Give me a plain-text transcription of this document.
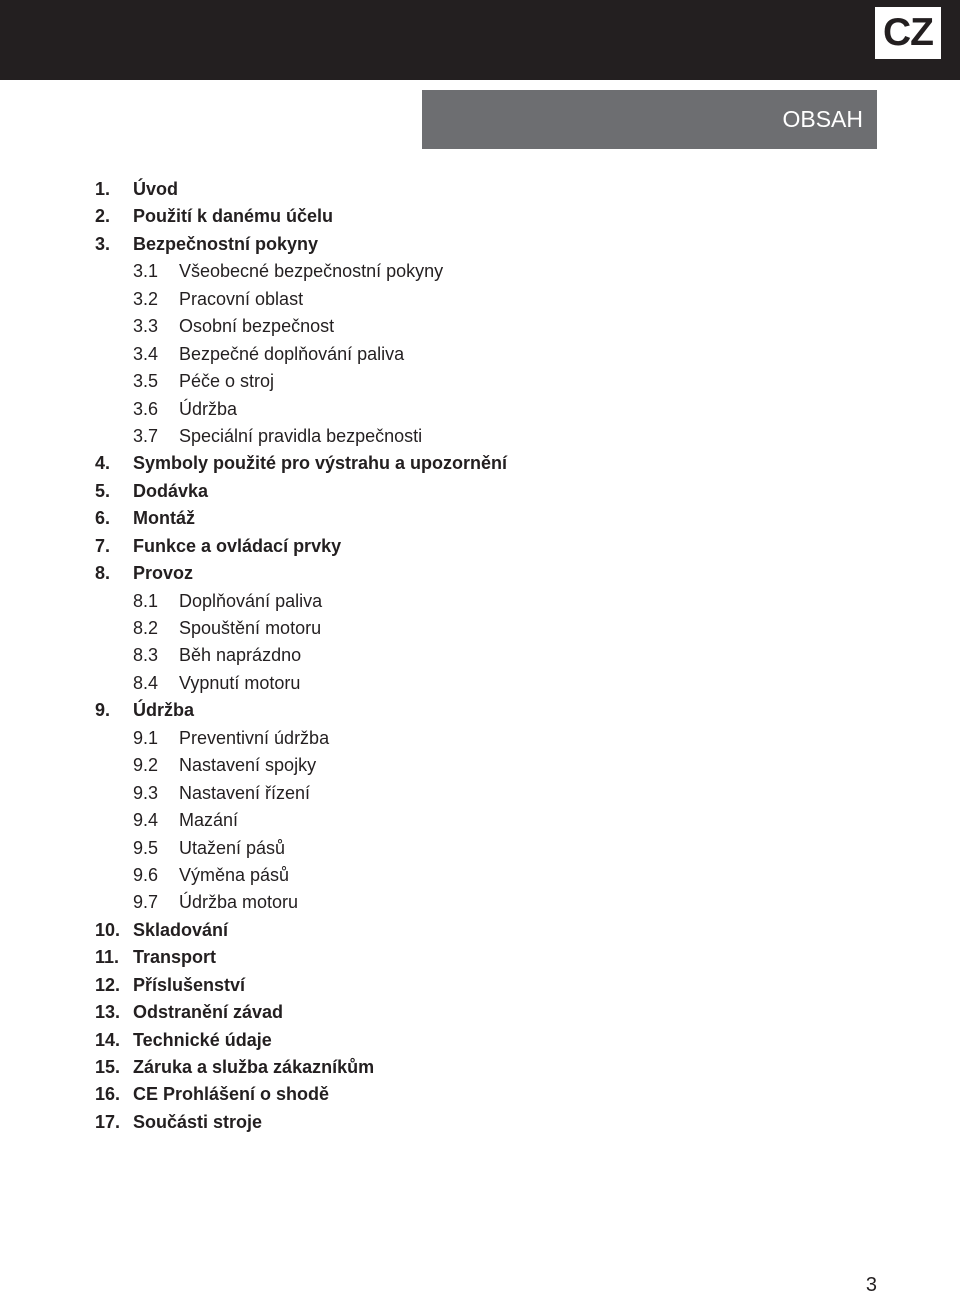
CZ
OBSAH
1. Úvod
2. Použití k danému účelu
3. Bezpečnostní pokyny
3.1 Všeobecné bezpečnostní pokyny
3.2 Pracovní oblast
3.3 Osobní bezpečnost
3.4 Bezpečné doplňování paliva
3.5 Péče o stroj
3.6 Údržba
3.7 Speciální pravidla bezpečnosti
4. Symboly použité pro výstrahu a upozornění
5. Dodávka
6. Montáž
7. Funkce a ovládací prvky
8. Provoz
8.1 Doplňování paliva
8.2 Spouštění motoru
8.3 Běh naprázdno
8.4 Vypnutí motoru
9. Údržba
9.1 Preventivní údržba
9.2 Nastavení spojky
9.3 Nastavení řízení
9.4 Mazání
9.5 Utažení pásů
9.6 Výměna pásů
9.7 Údržba motoru
10. Skladování
11. Transport
12. Příslušenství
13. Odstranění závad
14. Technické údaje
15. Záruka a služba zákazníkům
16. CE Prohlášení o shodě
17. Součásti stroje
3
